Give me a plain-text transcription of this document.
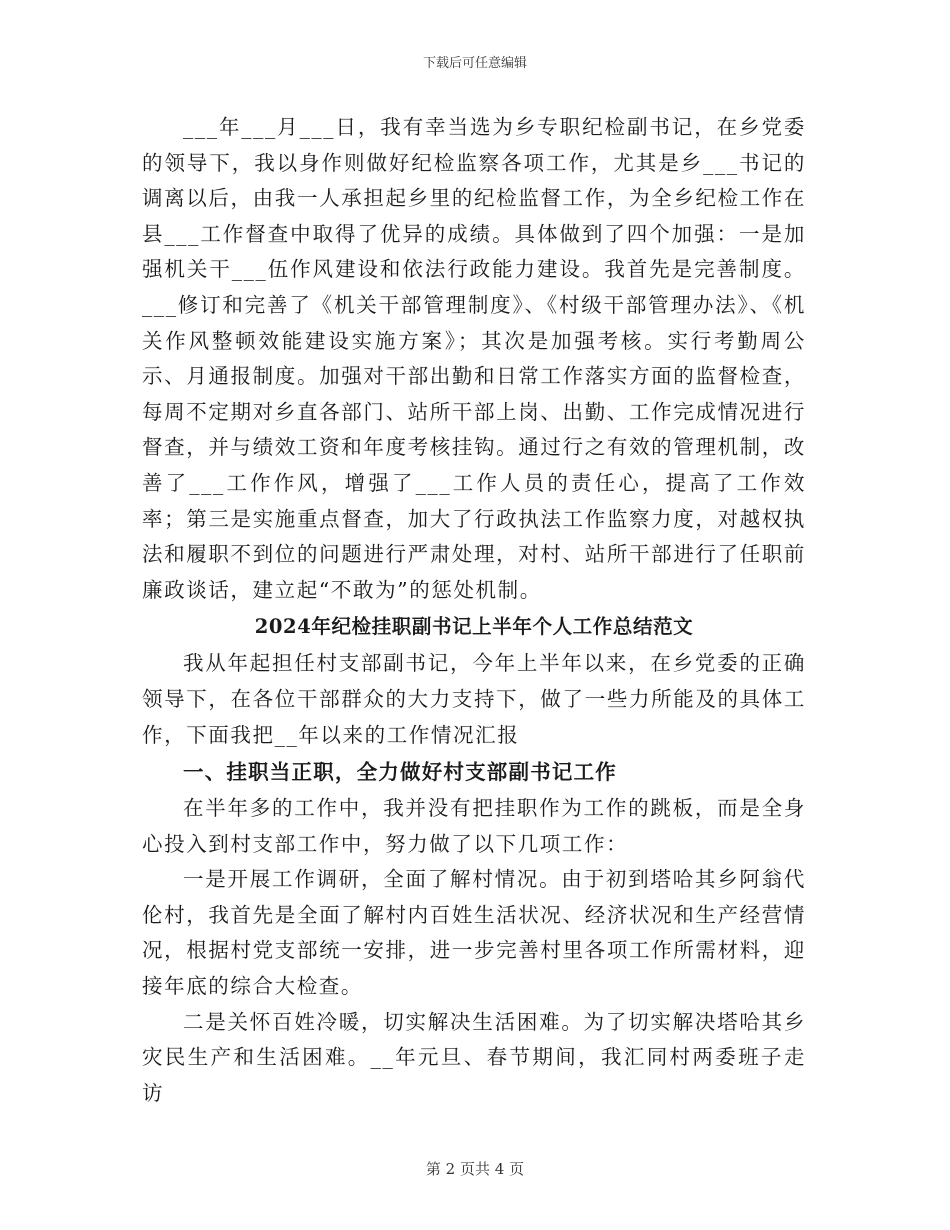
下载后可任意编辑

___年___月___日，我有幸当选为乡专职纪检副书记，在乡党委的领导下，我以身作则做好纪检监察各项工作，尤其是乡___书记的调离以后，由我一人承担起乡里的纪检监督工作，为全乡纪检工作在县___工作督查中取得了优异的成绩。具体做到了四个加强：一是加强机关干___伍作风建设和依法行政能力建设。我首先是完善制度。___修订和完善了《机关干部管理制度》、《村级干部管理办法》、《机关作风整顿效能建设实施方案》；其次是加强考核。实行考勤周公示、月通报制度。加强对干部出勤和日常工作落实方面的监督检查，每周不定期对乡直各部门、站所干部上岗、出勤、工作完成情况进行督查，并与绩效工资和年度考核挂钩。通过行之有效的管理机制，改善了___工作作风，增强了___工作人员的责任心，提高了工作效率；第三是实施重点督查，加大了行政执法工作监察力度，对越权执法和履职不到位的问题进行严肃处理，对村、站所干部进行了任职前廉政谈话，建立起“不敢为”的惩处机制。

2024年纪检挂职副书记上半年个人工作总结范文

我从年起担任村支部副书记，今年上半年以来，在乡党委的正确领导下，在各位干部群众的大力支持下，做了一些力所能及的具体工作，下面我把__年以来的工作情况汇报

一、挂职当正职，全力做好村支部副书记工作

在半年多的工作中，我并没有把挂职作为工作的跳板，而是全身心投入到村支部工作中，努力做了以下几项工作：

一是开展工作调研，全面了解村情况。由于初到塔哈其乡阿翁代伦村，我首先是全面了解村内百姓生活状况、经济状况和生产经营情况，根据村党支部统一安排，进一步完善村里各项工作所需材料，迎接年底的综合大检查。

二是关怀百姓冷暖，切实解决生活困难。为了切实解决塔哈其乡灾民生产和生活困难。__年元旦、春节期间，我汇同村两委班子走访

第 2 页共 4 页
